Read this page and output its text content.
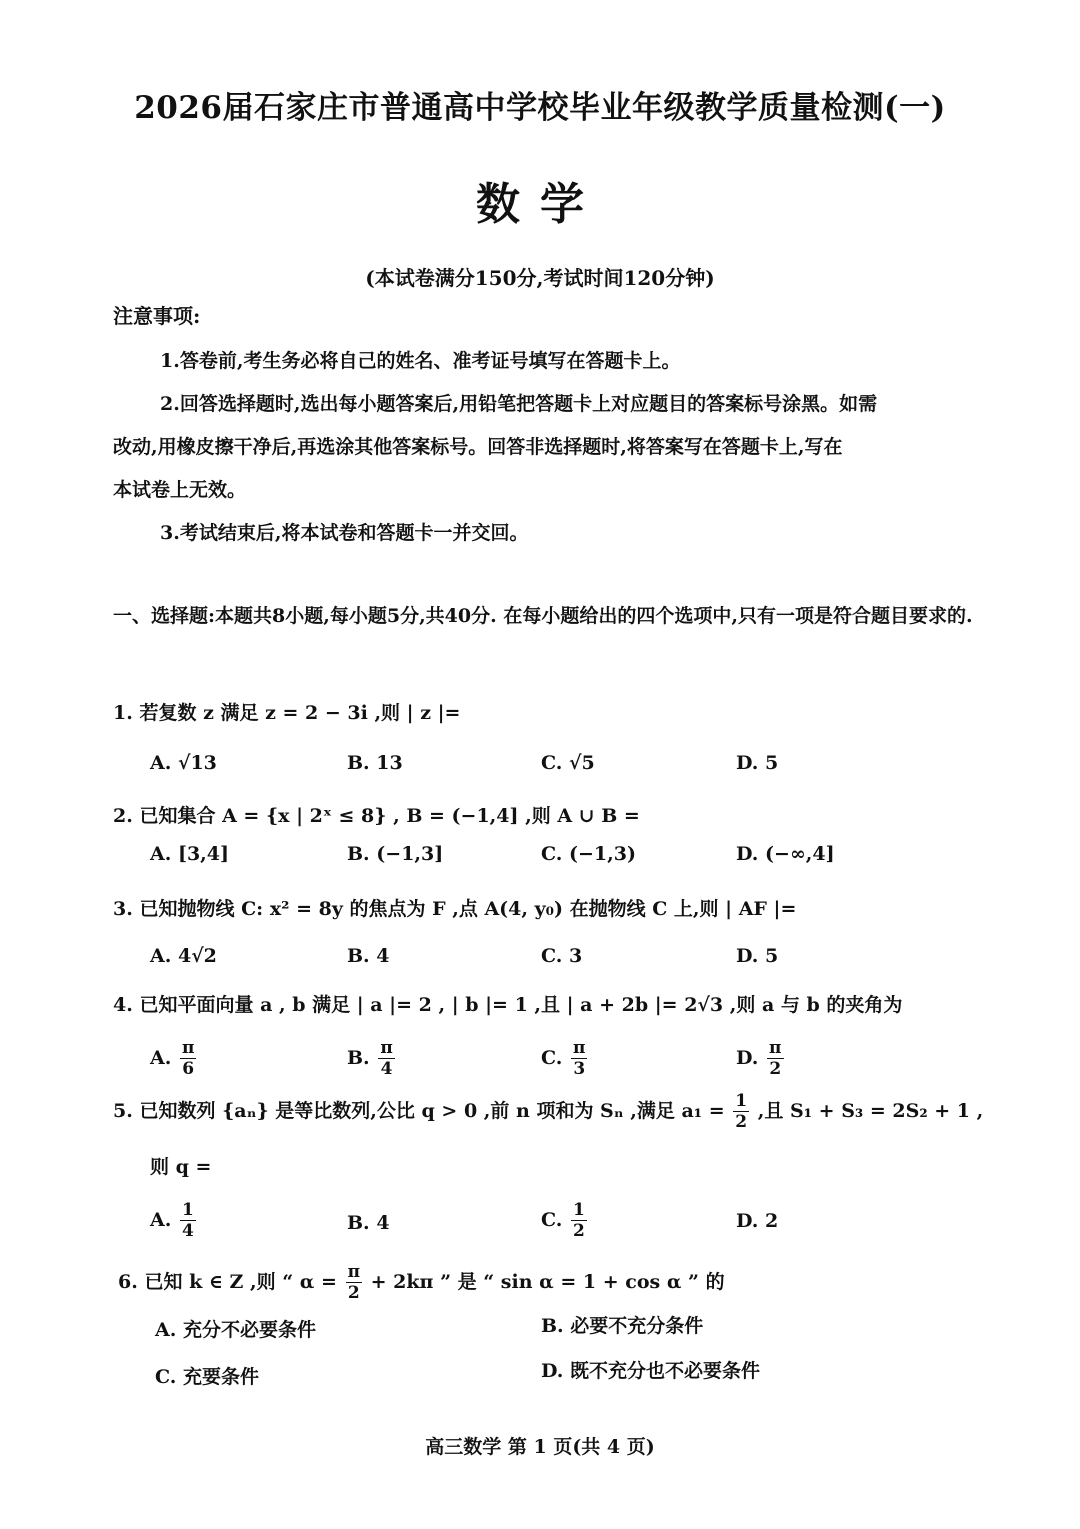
2026届石家庄市普通高中学校毕业年级教学质量检测(一)
数学
(本试卷满分150分,考试时间120分钟)
注意事项:
1.答卷前,考生务必将自己的姓名、准考证号填写在答题卡上。
2.回答选择题时,选出每小题答案后,用铅笔把答题卡上对应题目的答案标号涂黑。如需
改动,用橡皮擦干净后,再选涂其他答案标号。回答非选择题时,将答案写在答题卡上,写在
本试卷上无效。
3.考试结束后,将本试卷和答题卡一并交回。
一、选择题:本题共8小题,每小题5分,共40分. 在每小题给出的四个选项中,只有一项是符合题目要求的.
1. 若复数 z 满足 z = 2 − 3i ,则 | z |=
A. √13	B. 13	C. √5	D. 5
2. 已知集合 A = {x | 2ˣ ≤ 8} , B = (−1,4] ,则 A ∪ B =
A. [3,4]	B. (−1,3]	C. (−1,3)	D. (−∞,4]
3. 已知抛物线 C: x² = 8y 的焦点为 F ,点 A(4, y₀) 在抛物线 C 上,则 | AF |=
A. 4√2	B. 4	C. 3	D. 5
4. 已知平面向量 a , b 满足 | a |= 2 , | b |= 1 ,且 | a + 2b |= 2√3 ,则 a 与 b 的夹角为
A. $\frac{\pi}{6}$	B. $\frac{\pi}{4}$	C. $\frac{\pi}{3}$	D. $\frac{\pi}{2}$
5. 已知数列 {aₙ} 是等比数列,公比 q > 0 ,前 n 项和为 Sₙ ,满足 $a_1 = \frac{1}{2}$ ,且 S₁ + S₃ = 2S₂ + 1 ,
则 q =
A. $\frac{1}{4}$	B. 4	C. $\frac{1}{2}$	D. 2
6. 已知 k ∈ Z ,则 “ $\alpha = \frac{\pi}{2} + 2k\pi$ ” 是 “ sin α = 1 + cos α ” 的
A. 充分不必要条件	B. 必要不充分条件
C. 充要条件	D. 既不充分也不必要条件
高三数学 第 1 页(共 4 页)
